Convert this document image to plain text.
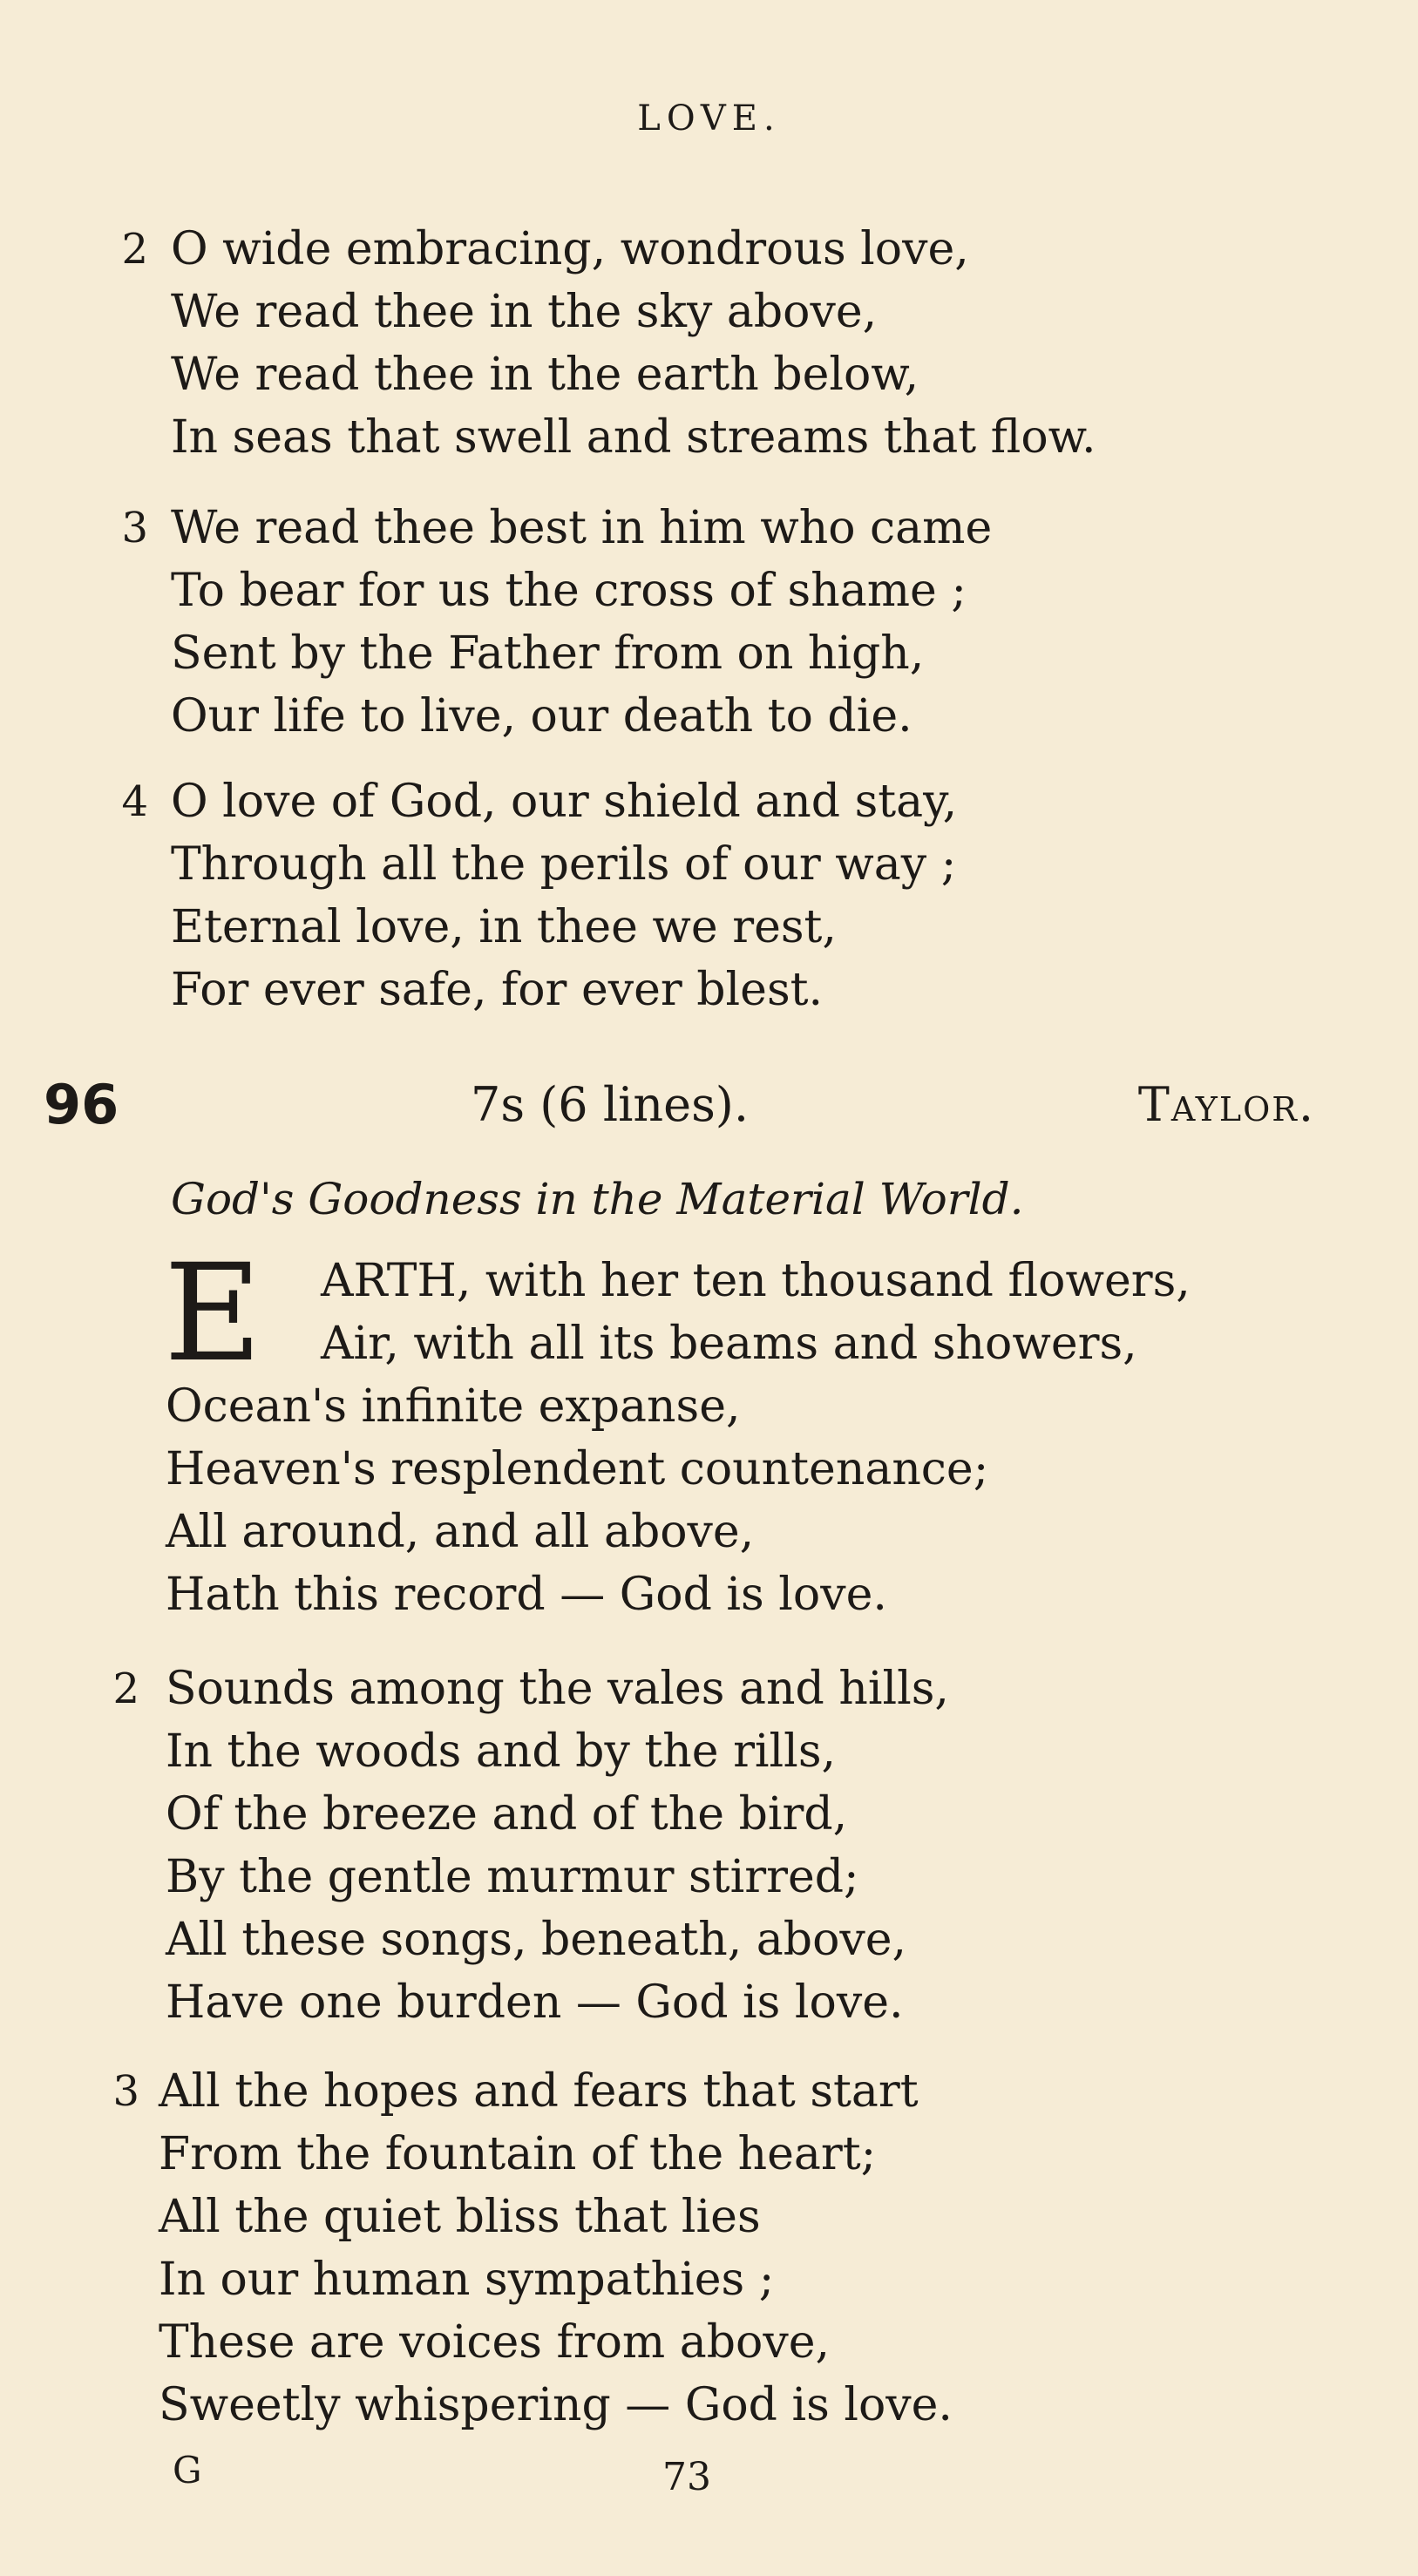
LOVE.
2 O wide embracing, wondrous love,
We read thee in the sky above,
We read thee in the earth below,
In seas that swell and streams that flow.
3 We read thee best in him who came
To bear for us the cross of shame ;
Sent by the Father from on high,
Our life to live, our death to die.
4 O love of God, our shield and stay,
Through all the perils of our way ;
Eternal love, in thee we rest,
For ever safe, for ever blest.
96	7s (6 lines).	Taylor.
God's Goodness in the Material World.
E ARTH, with her ten thousand flowers,
Air, with all its beams and showers,
Ocean's infinite expanse,
Heaven's resplendent countenance;
All around, and all above,
Hath this record — God is love.
2 Sounds among the vales and hills,
In the woods and by the rills,
Of the breeze and of the bird,
By the gentle murmur stirred;
All these songs, beneath, above,
Have one burden — God is love.
3 All the hopes and fears that start
From the fountain of the heart;
All the quiet bliss that lies
In our human sympathies ;
These are voices from above,
Sweetly whispering — God is love.
G	73
